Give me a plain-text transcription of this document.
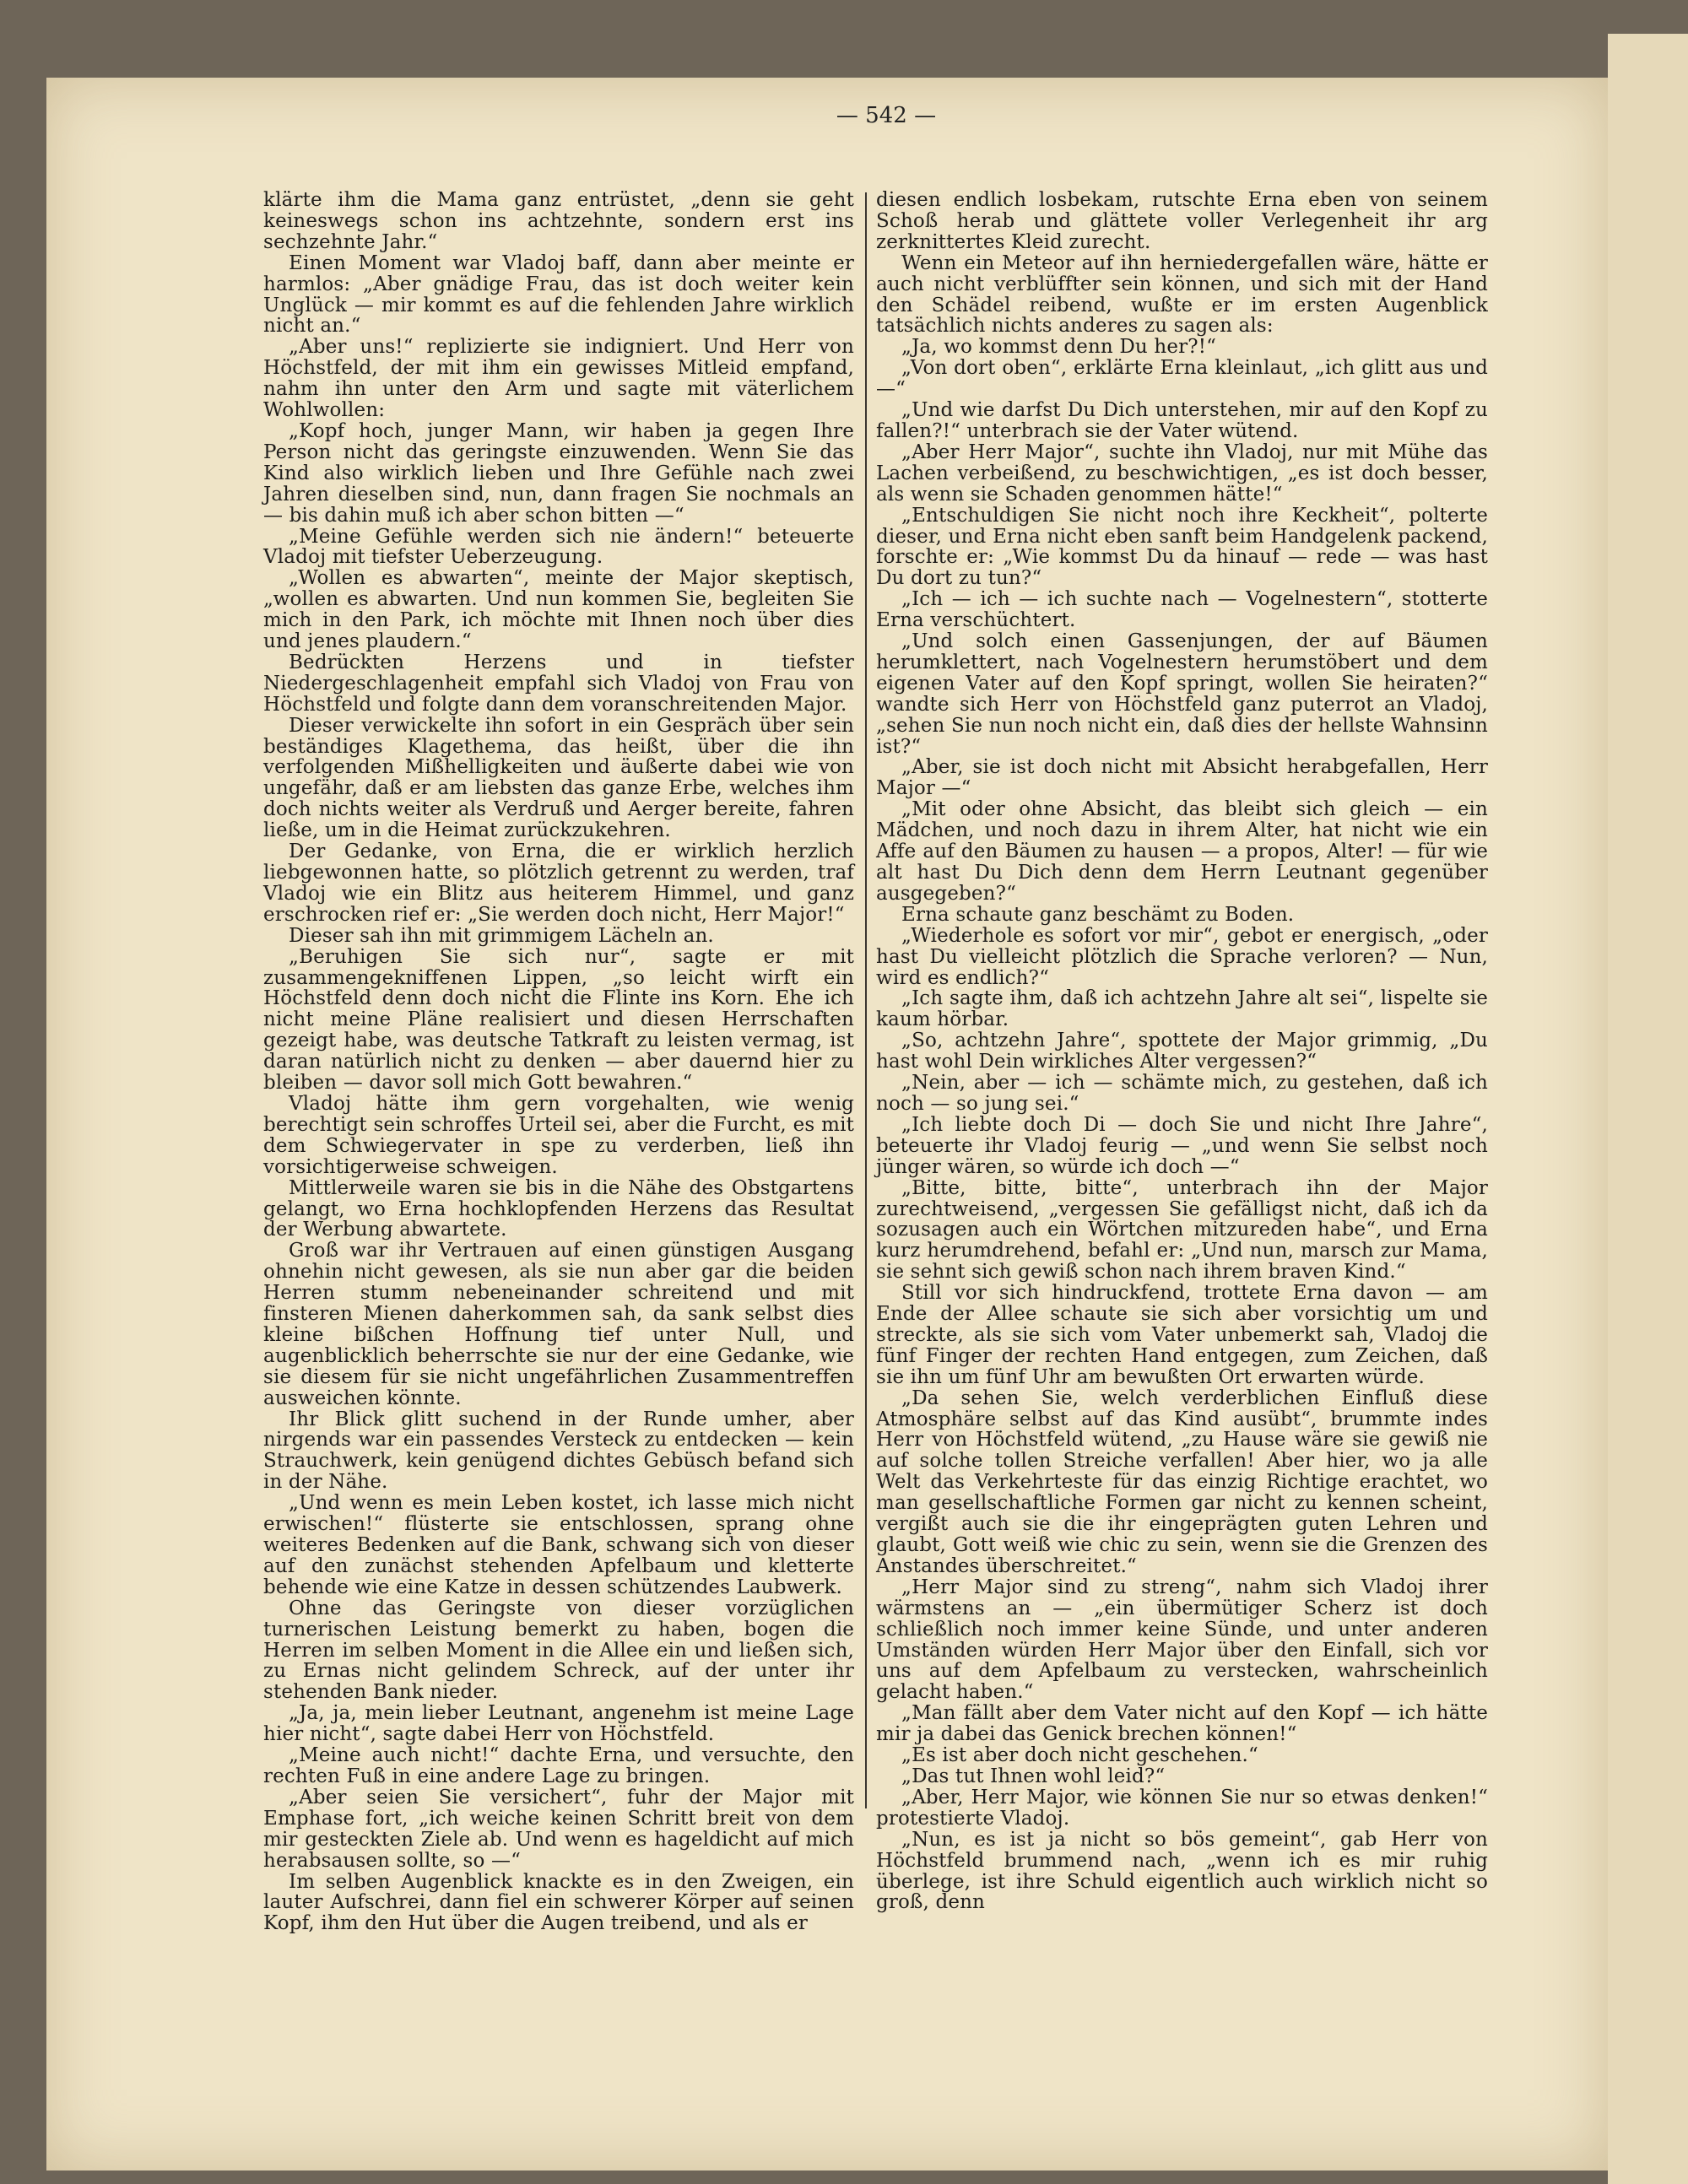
— 542 —

klärte ihm die Mama ganz entrüstet, „denn sie geht keineswegs schon ins achtzehnte, sondern erst ins sechzehnte Jahr.“

Einen Moment war Vladoj baff, dann aber meinte er harmlos: „Aber gnädige Frau, das ist doch weiter kein Unglück — mir kommt es auf die fehlenden Jahre wirklich nicht an.“

„Aber uns!“ replizierte sie indigniert. Und Herr von Höchstfeld, der mit ihm ein gewisses Mitleid empfand, nahm ihn unter den Arm und sagte mit väterlichem Wohlwollen:

„Kopf hoch, junger Mann, wir haben ja gegen Ihre Person nicht das geringste einzuwenden. Wenn Sie das Kind also wirklich lieben und Ihre Gefühle nach zwei Jahren dieselben sind, nun, dann fragen Sie nochmals an — bis dahin muß ich aber schon bitten —“

„Meine Gefühle werden sich nie ändern!“ beteuerte Vladoj mit tiefster Ueberzeugung.

„Wollen es abwarten“, meinte der Major skeptisch, „wollen es abwarten. Und nun kommen Sie, begleiten Sie mich in den Park, ich möchte mit Ihnen noch über dies und jenes plaudern.“

Bedrückten Herzens und in tiefster Niedergeschlagenheit empfahl sich Vladoj von Frau von Höchstfeld und folgte dann dem voranschreitenden Major.

Dieser verwickelte ihn sofort in ein Gespräch über sein beständiges Klagethema, das heißt, über die ihn verfolgenden Mißhelligkeiten und äußerte dabei wie von ungefähr, daß er am liebsten das ganze Erbe, welches ihm doch nichts weiter als Verdruß und Aerger bereite, fahren ließe, um in die Heimat zurückzukehren.

Der Gedanke, von Erna, die er wirklich herzlich liebgewonnen hatte, so plötzlich getrennt zu werden, traf Vladoj wie ein Blitz aus heiterem Himmel, und ganz erschrocken rief er: „Sie werden doch nicht, Herr Major!“

Dieser sah ihn mit grimmigem Lächeln an.

„Beruhigen Sie sich nur“, sagte er mit zusammengekniffenen Lippen, „so leicht wirft ein Höchstfeld denn doch nicht die Flinte ins Korn. Ehe ich nicht meine Pläne realisiert und diesen Herrschaften gezeigt habe, was deutsche Tatkraft zu leisten vermag, ist daran natürlich nicht zu denken — aber dauernd hier zu bleiben — davor soll mich Gott bewahren.“

Vladoj hätte ihm gern vorgehalten, wie wenig berechtigt sein schroffes Urteil sei, aber die Furcht, es mit dem Schwiegervater in spe zu verderben, ließ ihn vorsichtigerweise schweigen.

Mittlerweile waren sie bis in die Nähe des Obstgartens gelangt, wo Erna hochklopfenden Herzens das Resultat der Werbung abwartete.

Groß war ihr Vertrauen auf einen günstigen Ausgang ohnehin nicht gewesen, als sie nun aber gar die beiden Herren stumm nebeneinander schreitend und mit finsteren Mienen daherkommen sah, da sank selbst dies kleine bißchen Hoffnung tief unter Null, und augenblicklich beherrschte sie nur der eine Gedanke, wie sie diesem für sie nicht ungefährlichen Zusammentreffen ausweichen könnte.

Ihr Blick glitt suchend in der Runde umher, aber nirgends war ein passendes Versteck zu entdecken — kein Strauchwerk, kein genügend dichtes Gebüsch befand sich in der Nähe.

„Und wenn es mein Leben kostet, ich lasse mich nicht erwischen!“ flüsterte sie entschlossen, sprang ohne weiteres Bedenken auf die Bank, schwang sich von dieser auf den zunächst stehenden Apfelbaum und kletterte behende wie eine Katze in dessen schützendes Laubwerk.

Ohne das Geringste von dieser vorzüglichen turnerischen Leistung bemerkt zu haben, bogen die Herren im selben Moment in die Allee ein und ließen sich, zu Ernas nicht gelindem Schreck, auf der unter ihr stehenden Bank nieder.

„Ja, ja, mein lieber Leutnant, angenehm ist meine Lage hier nicht“, sagte dabei Herr von Höchstfeld.

„Meine auch nicht!“ dachte Erna, und versuchte, den rechten Fuß in eine andere Lage zu bringen.

„Aber seien Sie versichert“, fuhr der Major mit Emphase fort, „ich weiche keinen Schritt breit von dem mir gesteckten Ziele ab. Und wenn es hageldicht auf mich herabsausen sollte, so —“

Im selben Augenblick knackte es in den Zweigen, ein lauter Aufschrei, dann fiel ein schwerer Körper auf seinen Kopf, ihm den Hut über die Augen treibend, und als er

diesen endlich losbekam, rutschte Erna eben von seinem Schoß herab und glättete voller Verlegenheit ihr arg zerknittertes Kleid zurecht.

Wenn ein Meteor auf ihn herniedergefallen wäre, hätte er auch nicht verblüffter sein können, und sich mit der Hand den Schädel reibend, wußte er im ersten Augenblick tatsächlich nichts anderes zu sagen als:

„Ja, wo kommst denn Du her?!“

„Von dort oben“, erklärte Erna kleinlaut, „ich glitt aus und —“

„Und wie darfst Du Dich unterstehen, mir auf den Kopf zu fallen?!“ unterbrach sie der Vater wütend.

„Aber Herr Major“, suchte ihn Vladoj, nur mit Mühe das Lachen verbeißend, zu beschwichtigen, „es ist doch besser, als wenn sie Schaden genommen hätte!“

„Entschuldigen Sie nicht noch ihre Keckheit“, polterte dieser, und Erna nicht eben sanft beim Handgelenk packend, forschte er: „Wie kommst Du da hinauf — rede — was hast Du dort zu tun?“

„Ich — ich — ich suchte nach — Vogelnestern“, stotterte Erna verschüchtert.

„Und solch einen Gassenjungen, der auf Bäumen herumklettert, nach Vogelnestern herumstöbert und dem eigenen Vater auf den Kopf springt, wollen Sie heiraten?“ wandte sich Herr von Höchstfeld ganz puterrot an Vladoj, „sehen Sie nun noch nicht ein, daß dies der hellste Wahnsinn ist?“

„Aber, sie ist doch nicht mit Absicht herabgefallen, Herr Major —“

„Mit oder ohne Absicht, das bleibt sich gleich — ein Mädchen, und noch dazu in ihrem Alter, hat nicht wie ein Affe auf den Bäumen zu hausen — a propos, Alter! — für wie alt hast Du Dich denn dem Herrn Leutnant gegenüber ausgegeben?“

Erna schaute ganz beschämt zu Boden.

„Wiederhole es sofort vor mir“, gebot er energisch, „oder hast Du vielleicht plötzlich die Sprache verloren? — Nun, wird es endlich?“

„Ich sagte ihm, daß ich achtzehn Jahre alt sei“, lispelte sie kaum hörbar.

„So, achtzehn Jahre“, spottete der Major grimmig, „Du hast wohl Dein wirkliches Alter vergessen?“

„Nein, aber — ich — schämte mich, zu gestehen, daß ich noch — so jung sei.“

„Ich liebte doch Di — doch Sie und nicht Ihre Jahre“, beteuerte ihr Vladoj feurig — „und wenn Sie selbst noch jünger wären, so würde ich doch —“

„Bitte, bitte, bitte“, unterbrach ihn der Major zurechtweisend, „vergessen Sie gefälligst nicht, daß ich da sozusagen auch ein Wörtchen mitzureden habe“, und Erna kurz herumdrehend, befahl er: „Und nun, marsch zur Mama, sie sehnt sich gewiß schon nach ihrem braven Kind.“

Still vor sich hindruckfend, trottete Erna davon — am Ende der Allee schaute sie sich aber vorsichtig um und streckte, als sie sich vom Vater unbemerkt sah, Vladoj die fünf Finger der rechten Hand entgegen, zum Zeichen, daß sie ihn um fünf Uhr am bewußten Ort erwarten würde.

„Da sehen Sie, welch verderblichen Einfluß diese Atmosphäre selbst auf das Kind ausübt“, brummte indes Herr von Höchstfeld wütend, „zu Hause wäre sie gewiß nie auf solche tollen Streiche verfallen! Aber hier, wo ja alle Welt das Verkehrteste für das einzig Richtige erachtet, wo man gesellschaftliche Formen gar nicht zu kennen scheint, vergißt auch sie die ihr eingeprägten guten Lehren und glaubt, Gott weiß wie chic zu sein, wenn sie die Grenzen des Anstandes überschreitet.“

„Herr Major sind zu streng“, nahm sich Vladoj ihrer wärmstens an — „ein übermütiger Scherz ist doch schließlich noch immer keine Sünde, und unter anderen Umständen würden Herr Major über den Einfall, sich vor uns auf dem Apfelbaum zu verstecken, wahrscheinlich gelacht haben.“

„Man fällt aber dem Vater nicht auf den Kopf — ich hätte mir ja dabei das Genick brechen können!“

„Es ist aber doch nicht geschehen.“

„Das tut Ihnen wohl leid?“

„Aber, Herr Major, wie können Sie nur so etwas denken!“ protestierte Vladoj.

„Nun, es ist ja nicht so bös gemeint“, gab Herr von Höchstfeld brummend nach, „wenn ich es mir ruhig überlege, ist ihre Schuld eigentlich auch wirklich nicht so groß, denn
